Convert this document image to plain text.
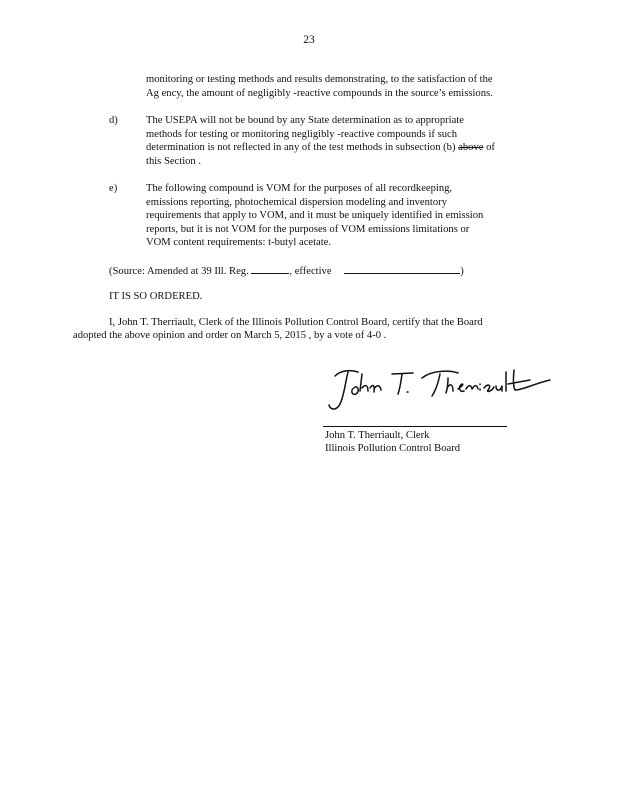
23

monitoring or testing methods and results demonstrating, to the satisfaction of the

Ag ency, the amount of negligibly -reactive compounds in the source’s emissions.

d)	The USEPA will not be bound by any State determination as to appropriate

methods for testing or monitoring negligibly -reactive compounds if such

determination is not reflected in any of the test methods in subsection (b) above of

this Section .

e)	The following compound is VOM for the purposes of all recordkeeping,

emissions reporting, photochemical dispersion modeling and inventory

requirements that apply to VOM, and it must be uniquely identified in emission

reports, but it is not VOM for the purposes of VOM emissions limitations or

VOM content requirements: t-butyl acetate.

(Source: Amended at 39 Ill. Reg.	, effective	)
IT IS SO ORDERED.
I, John T. Therriault, Clerk of the Illinois Pollution Control Board, certify that the Board
adopted the above opinion and order on March 5, 2015 , by a vote of 4-0 .
John T. Therriault, Clerk
Illinois Pollution Control Board
